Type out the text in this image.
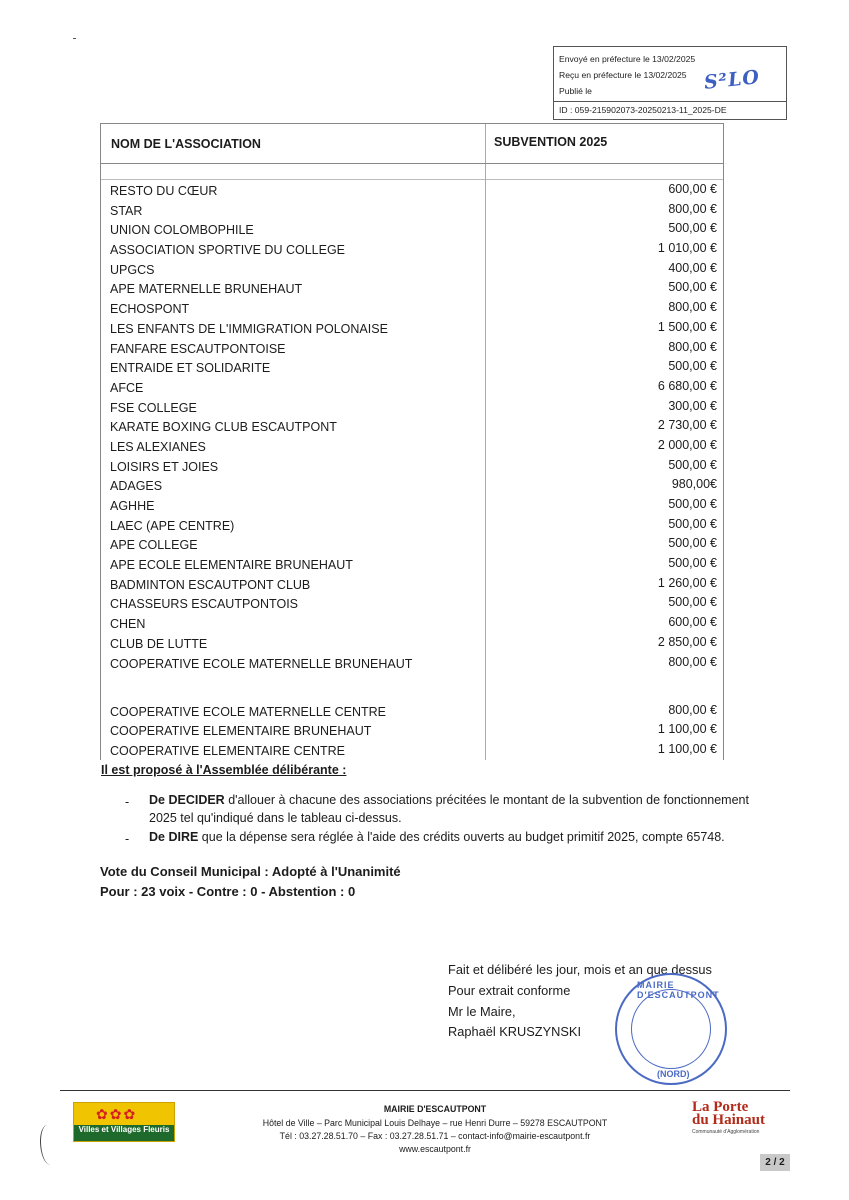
Envoyé en préfecture le 13/02/2025
Reçu en préfecture le 13/02/2025
Publié le
ID : 059-215902073-20250213-11_2025-DE
S²LO
NOM DE L'ASSOCIATION	SUBVENTION 2025
RESTO DU CŒUR	600,00 €
STAR	800,00 €
UNION COLOMBOPHILE	500,00 €
ASSOCIATION SPORTIVE DU COLLEGE	1 010,00 €
UPGCS	400,00 €
APE MATERNELLE BRUNEHAUT	500,00 €
ECHOSPONT	800,00 €
LES ENFANTS DE L'IMMIGRATION POLONAISE	1 500,00 €
FANFARE ESCAUTPONTOISE	800,00 €
ENTRAIDE ET SOLIDARITE	500,00 €
AFCE	6 680,00 €
FSE COLLEGE	300,00 €
KARATE BOXING CLUB ESCAUTPONT	2 730,00 €
LES ALEXIANES	2 000,00 €
LOISIRS ET JOIES	500,00 €
ADAGES	980,00€
AGHHE	500,00 €
LAEC (APE CENTRE)	500,00 €
APE COLLEGE	500,00 €
APE ECOLE ELEMENTAIRE BRUNEHAUT	500,00 €
BADMINTON ESCAUTPONT CLUB	1 260,00 €
CHASSEURS ESCAUTPONTOIS	500,00 €
CHEN	600,00 €
CLUB DE LUTTE	2 850,00 €
COOPERATIVE ECOLE MATERNELLE BRUNEHAUT	800,00 €
COOPERATIVE ECOLE MATERNELLE CENTRE	800,00 €
COOPERATIVE ELEMENTAIRE BRUNEHAUT	1 100,00 €
COOPERATIVE ELEMENTAIRE CENTRE	1 100,00 €
Il est proposé à l'Assemblée délibérante :
- De DECIDER d'allouer à chacune des associations précitées le montant de la subvention de fonctionnement
2025 tel qu'indiqué dans le tableau ci-dessus.
- De DIRE que la dépense sera réglée à l'aide des crédits ouverts au budget primitif 2025, compte 65748.
Vote du Conseil Municipal : Adopté à l'Unanimité
Pour : 23 voix - Contre : 0 - Abstention : 0
Fait et délibéré les jour, mois et an que dessus
Pour extrait conforme
Mr le Maire,
Raphaël KRUSZYNSKI
MAIRIE D'ESCAUTPONT
(NORD)
✿✿✿
Villes et Villages Fleuris
MAIRIE D'ESCAUTPONT
Hôtel de Ville – Parc Municipal Louis Delhaye – rue Henri Durre – 59278 ESCAUTPONT
Tél : 03.27.28.51.70 – Fax : 03.27.28.51.71 – contact-info@mairie-escautpont.fr
www.escautpont.fr
La Porte
du Hainaut
Communauté d'Agglomération
2 / 2
